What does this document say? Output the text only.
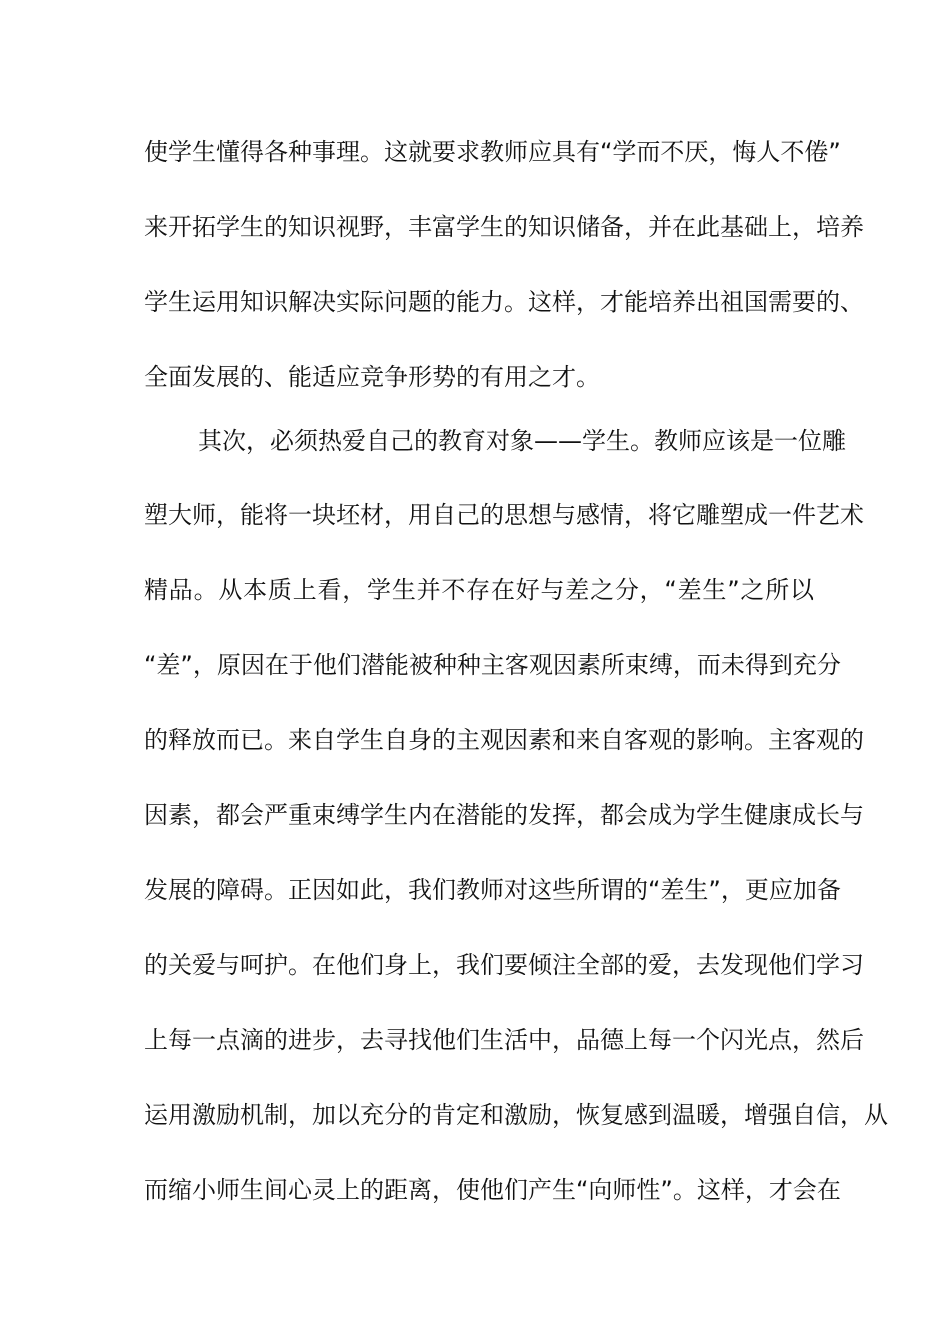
使学生懂得各种事理。这就要求教师应具有“学而不厌，悔人不倦”
来开拓学生的知识视野，丰富学生的知识储备，并在此基础上，培养
学生运用知识解决实际问题的能力。这样，才能培养出祖国需要的、
全面发展的、能适应竞争形势的有用之才。
其次，必须热爱自己的教育对象——学生。教师应该是一位雕
塑大师，能将一块坯材，用自己的思想与感情，将它雕塑成一件艺术
精品。从本质上看，学生并不存在好与差之分，“差生”之所以
“差”，原因在于他们潜能被种种主客观因素所束缚，而未得到充分
的释放而已。来自学生自身的主观因素和来自客观的影响。主客观的
因素，都会严重束缚学生内在潜能的发挥，都会成为学生健康成长与
发展的障碍。正因如此，我们教师对这些所谓的“差生”，更应加备
的关爱与呵护。在他们身上，我们要倾注全部的爱，去发现他们学习
上每一点滴的进步，去寻找他们生活中，品德上每一个闪光点，然后
运用激励机制，加以充分的肯定和激励，恢复感到温暖，增强自信，从
而缩小师生间心灵上的距离，使他们产生“向师性”。这样，才会在
